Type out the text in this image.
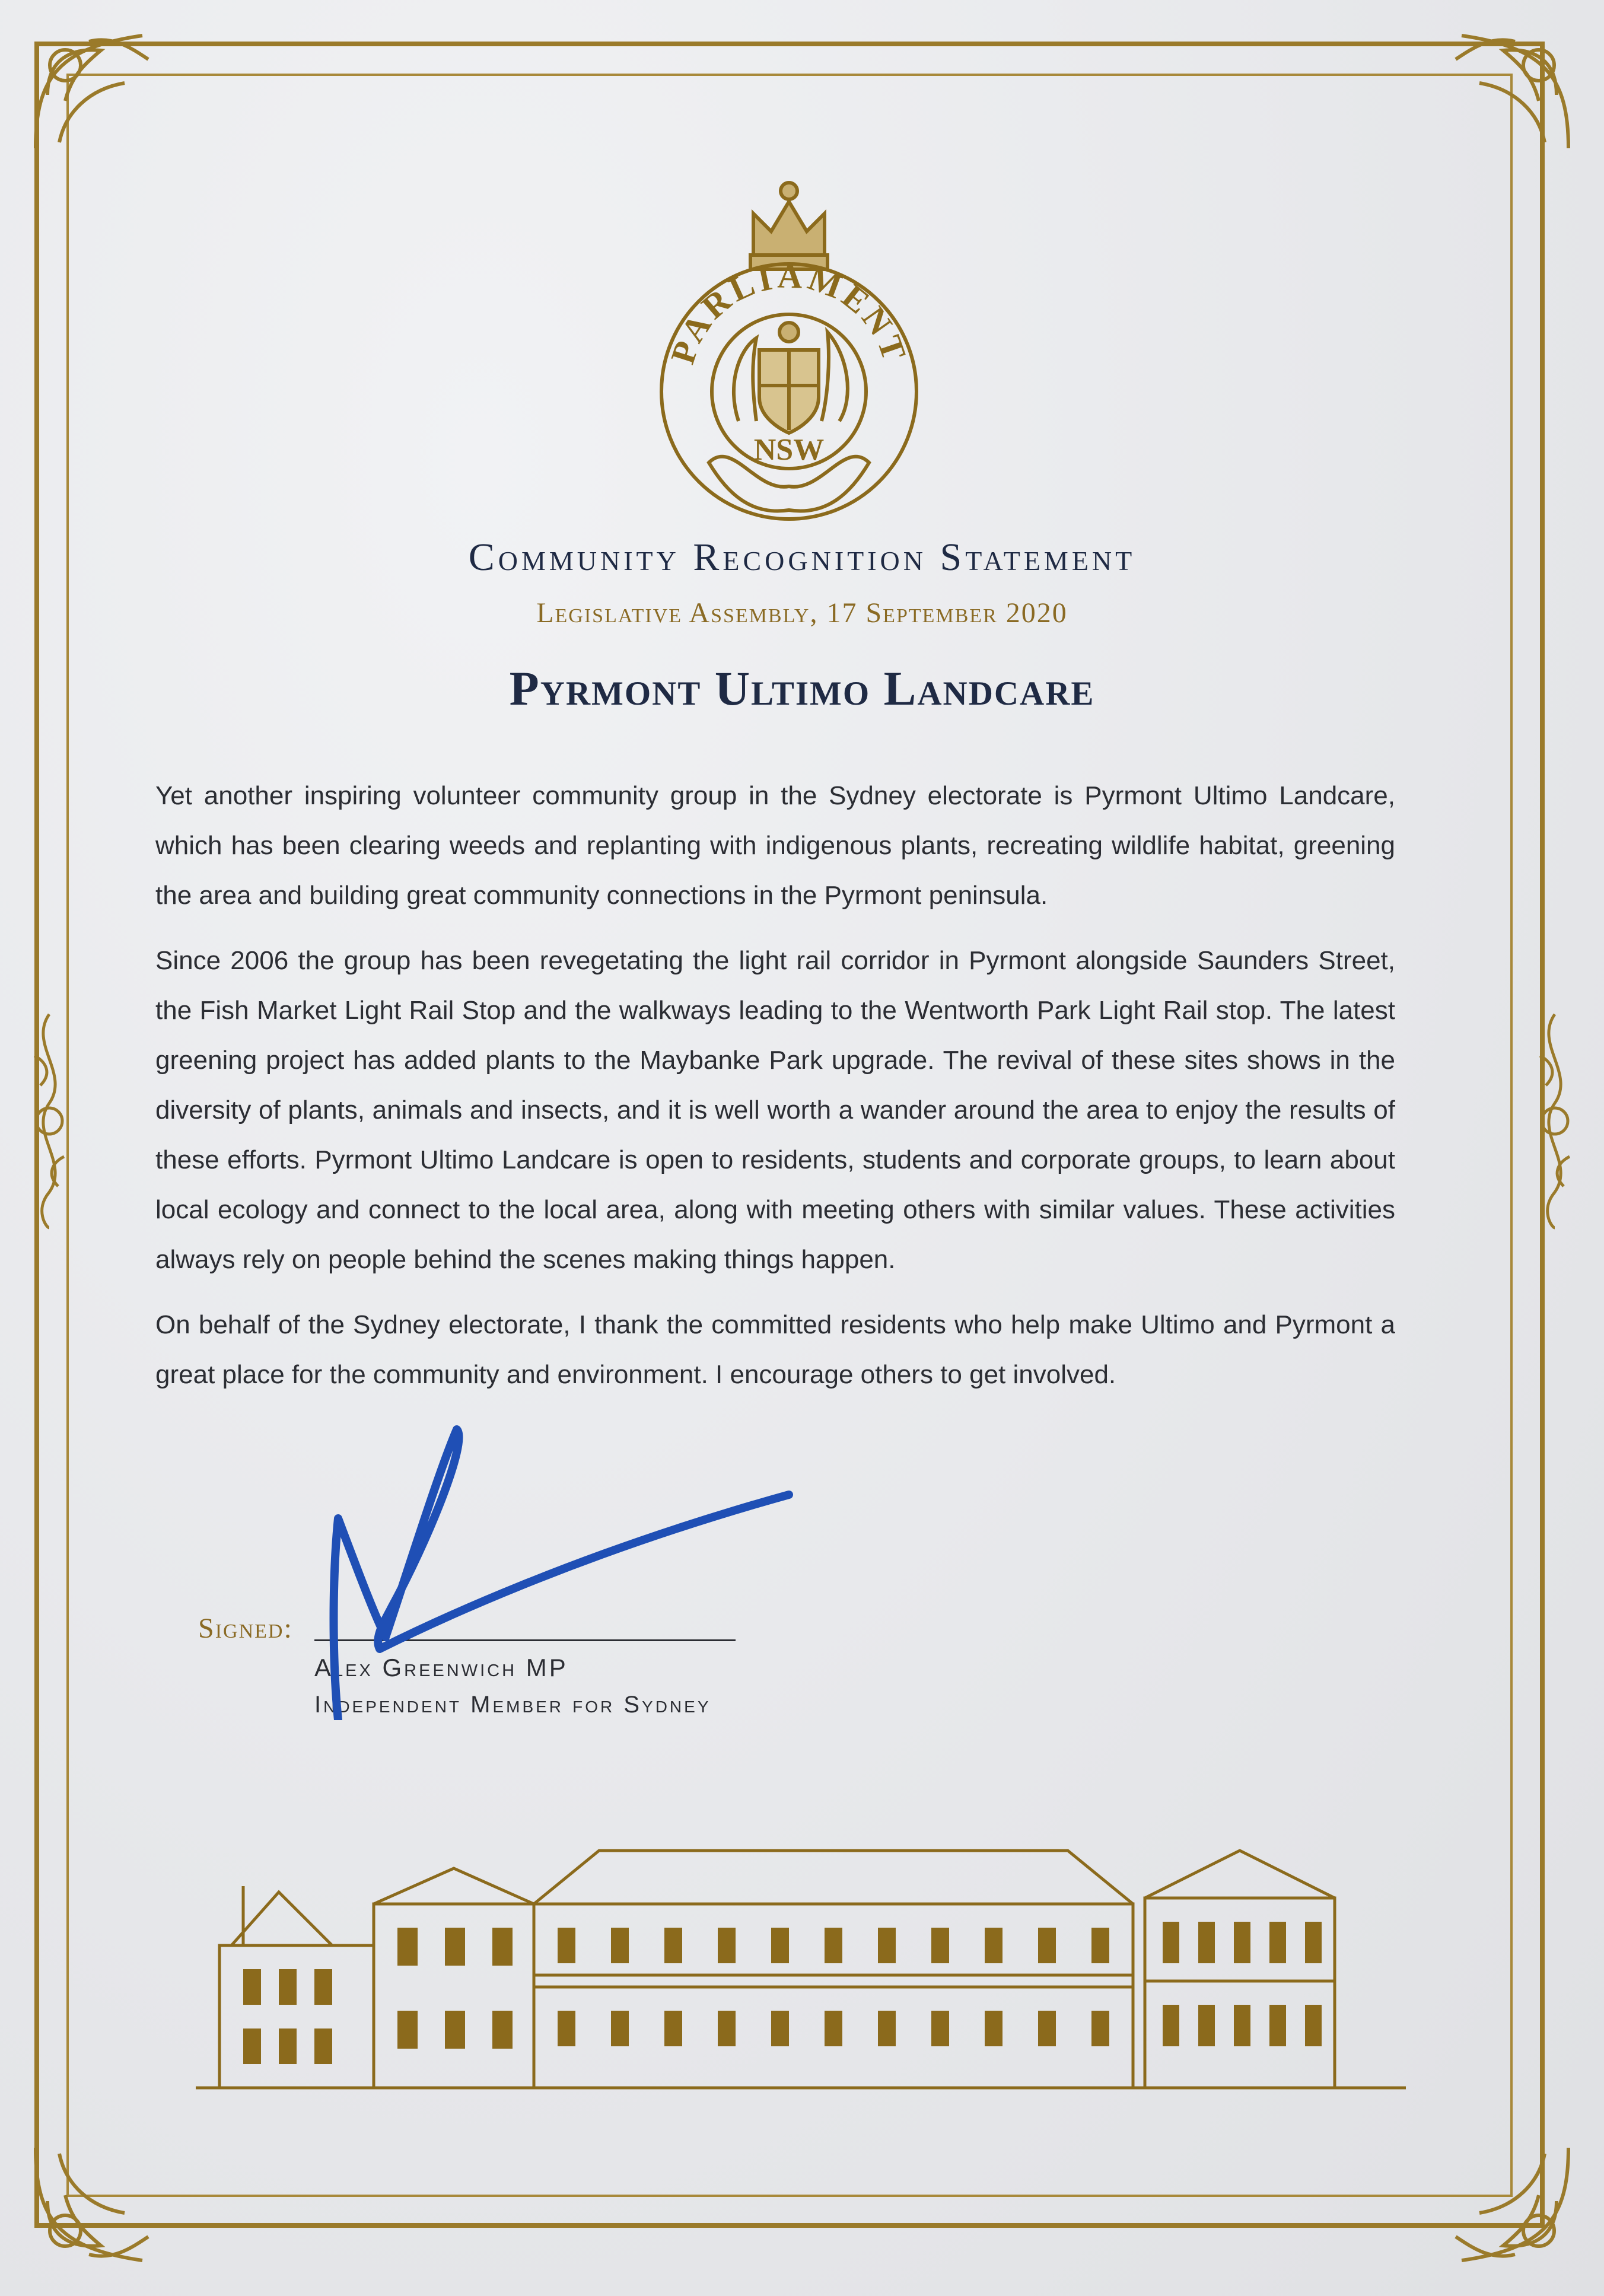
PARLIAMENT
NSW
Community Recognition Statement
Legislative Assembly, 17 September 2020
Pyrmont Ultimo Landcare

Yet another inspiring volunteer community group in the Sydney electorate is Pyrmont Ultimo Landcare, which has been clearing weeds and replanting with indigenous plants, recreating wildlife habitat, greening the area and building great community connections in the Pyrmont peninsula.

Since 2006 the group has been revegetating the light rail corridor in Pyrmont alongside Saunders Street, the Fish Market Light Rail Stop and the walkways leading to the Wentworth Park Light Rail stop. The latest greening project has added plants to the Maybanke Park upgrade. The revival of these sites shows in the diversity of plants, animals and insects, and it is well worth a wander around the area to enjoy the results of these efforts. Pyrmont Ultimo Landcare is open to residents, students and corporate groups, to learn about local ecology and connect to the local area, along with meeting others with similar values. These activities always rely on people behind the scenes making things happen.

On behalf of the Sydney electorate, I thank the committed residents who help make Ultimo and Pyrmont a great place for the community and environment. I encourage others to get involved.

Signed:
Alex Greenwich MP
Independent Member for Sydney
